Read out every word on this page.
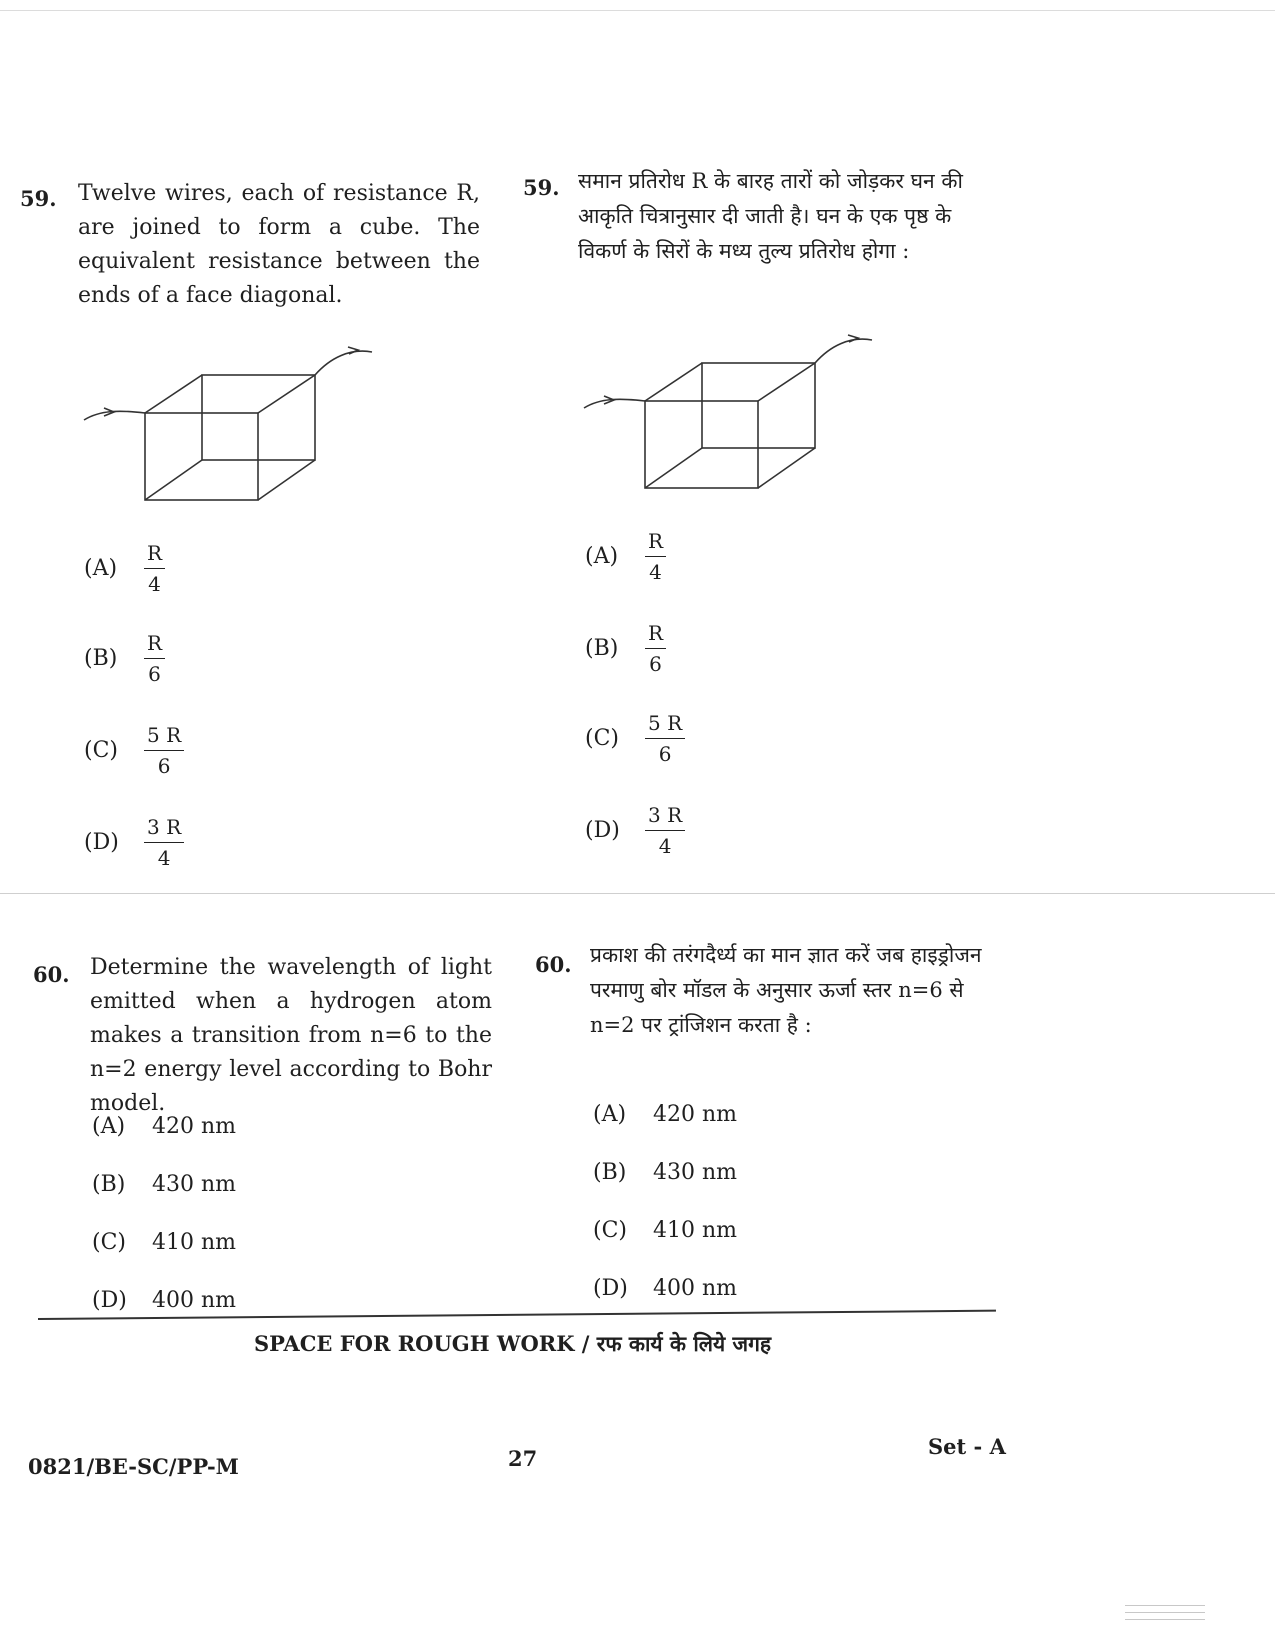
59. Twelve wires, each of resistance R, are joined to form a cube. The equivalent resistance between the ends of a face diagonal.
(A)	$\frac{R}{4}$
(B)	$\frac{R}{6}$
(C)	$\frac{5 R}{6}$
(D)	$\frac{3 R}{4}$
59. समान प्रतिरोध R के बारह तारों को जोड़कर घन की आकृति चित्रानुसार दी जाती है। घन के एक पृष्ठ के विकर्ण के सिरों के मध्य तुल्य प्रतिरोध होगा :
(A)	$\frac{R}{4}$
(B)	$\frac{R}{6}$
(C)	$\frac{5 R}{6}$
(D)	$\frac{3 R}{4}$
60. Determine the wavelength of light emitted when a hydrogen atom makes a transition from n=6 to the n=2 energy level according to Bohr model.
(A)	420 nm
(B)	430 nm
(C)	410 nm
(D)	400 nm
60. प्रकाश की तरंगदैर्ध्य का मान ज्ञात करें जब हाइड्रोजन परमाणु बोर मॉडल के अनुसार ऊर्जा स्तर n=6 से n=2 पर ट्रांजिशन करता है :
(A)	420 nm
(B)	430 nm
(C)	410 nm
(D)	400 nm
SPACE FOR ROUGH WORK / रफ कार्य के लिये जगह
0821/BE-SC/PP-M	27	Set - A
